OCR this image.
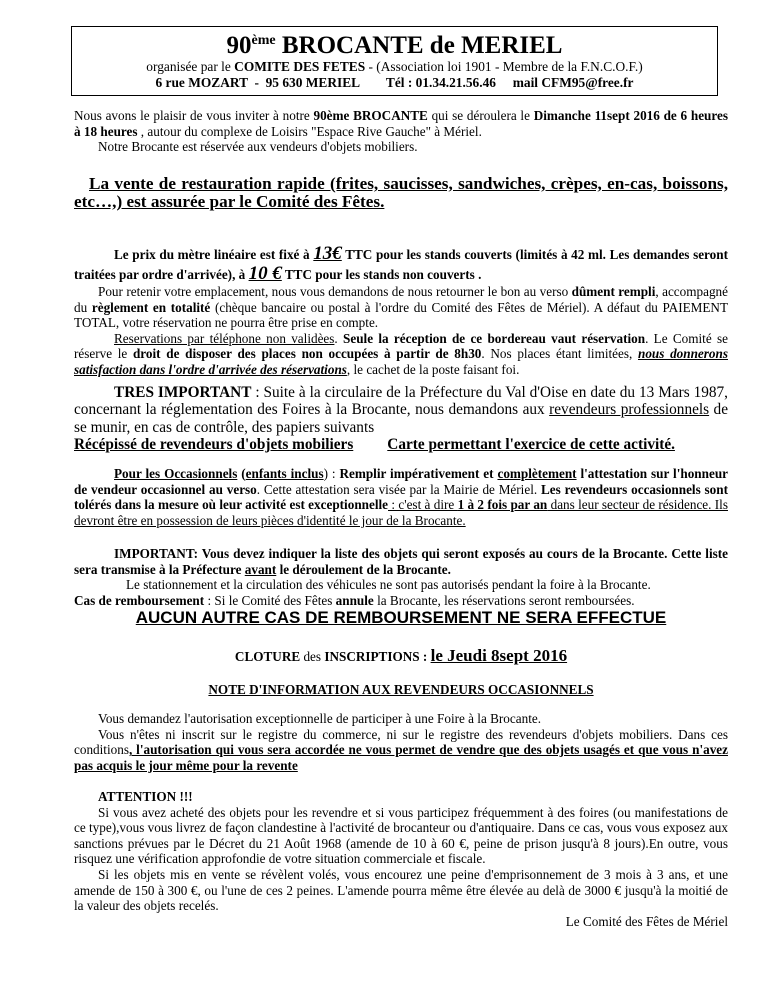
90ème BROCANTE de MERIEL
organisée par le COMITE DES FETES - (Association loi 1901 - Membre de la F.N.C.O.F.)
6 rue MOZART  -  95 630 MERIEL        Tél : 01.34.21.56.46     mail CFM95@free.fr
Nous avons le plaisir de vous inviter à notre 90ème BROCANTE qui se déroulera le Dimanche 11sept 2016 de 6 heures à 18 heures , autour du complexe de Loisirs "Espace Rive Gauche" à Mériel.
Notre Brocante est réservée aux vendeurs d'objets mobiliers.
La vente de restauration rapide (frites, saucisses, sandwiches, crèpes, en-cas, boissons, etc…,) est assurée par le Comité des Fêtes.
Le prix du mètre linéaire est fixé à 13€ TTC pour les stands couverts (limités à 42 ml. Les demandes seront traitées par ordre d'arrivée), à 10 € TTC pour les stands non couverts .
Pour retenir votre emplacement, nous vous demandons de nous retourner le bon au verso dûment rempli, accompagné du règlement en totalité (chèque bancaire ou postal à l'ordre du Comité des Fêtes de Mériel). A défaut du PAIEMENT TOTAL, votre réservation ne pourra être prise en compte.
Reservations par téléphone non validèes. Seule la réception de ce bordereau vaut réservation. Le Comité se réserve le droit de disposer des places non occupées à partir de 8h30. Nos places étant limitées, nous donnerons satisfaction dans l'ordre d'arrivée des réservations, le cachet de la poste faisant foi.
TRES IMPORTANT : Suite à la circulaire de la Préfecture du Val d'Oise en date du 13 Mars 1987, concernant la réglementation des Foires à la Brocante, nous demandons aux revendeurs professionnels de se munir, en cas de contrôle, des papiers suivants
Récépissé de revendeurs d'objets mobiliers Carte permettant l'exercice de cette activité.
Pour les Occasionnels (enfants inclus) : Remplir impérativement et complètement l'attestation sur l'honneur de vendeur occasionnel au verso. Cette attestation sera visée par la Mairie de Mériel. Les revendeurs occasionnels sont tolérés dans la mesure où leur activité est exceptionnelle : c'est à dire 1 à 2 fois par an dans leur secteur de résidence. Ils devront être en possession de leurs pièces d'identité le jour de la Brocante.
IMPORTANT: Vous devez indiquer la liste des objets qui seront exposés au cours de la Brocante. Cette liste sera transmise à la Préfecture avant le déroulement de la Brocante.
Le stationnement et la circulation des véhicules ne sont pas autorisés pendant la foire à la Brocante.
Cas de remboursement : Si le Comité des Fêtes annule la Brocante, les réservations seront remboursées.
AUCUN AUTRE CAS DE REMBOURSEMENT NE SERA EFFECTUE
CLOTURE des INSCRIPTIONS : le Jeudi 8sept 2016
NOTE D'INFORMATION AUX REVENDEURS OCCASIONNELS
Vous demandez l'autorisation exceptionnelle de participer à une Foire à la Brocante.
Vous n'êtes ni inscrit sur le registre du commerce, ni sur le registre des revendeurs d'objets mobiliers. Dans ces conditions, l'autorisation qui vous sera accordée ne vous permet de vendre que des objets usagés et que vous n'avez pas acquis le jour même pour la revente
ATTENTION !!!
Si vous avez acheté des objets pour les revendre et si vous participez fréquemment à des foires (ou manifestations de ce type),vous vous livrez de façon clandestine à l'activité de brocanteur ou d'antiquaire. Dans ce cas, vous vous exposez aux sanctions prévues par le Décret du 21 Août 1968 (amende de 10 à 60 €, peine de prison jusqu'à 8 jours).En outre, vous risquez une vérification approfondie de votre situation commerciale et fiscale.
Si les objets mis en vente se révèlent volés, vous encourez une peine d'emprisonnement de 3 mois à 3 ans, et une amende de 150 à 300 €, ou l'une de ces 2 peines. L'amende pourra même être élevée au delà de 3000 € jusqu'à la moitié de la valeur des objets recelés.
Le Comité des Fêtes de Mériel
